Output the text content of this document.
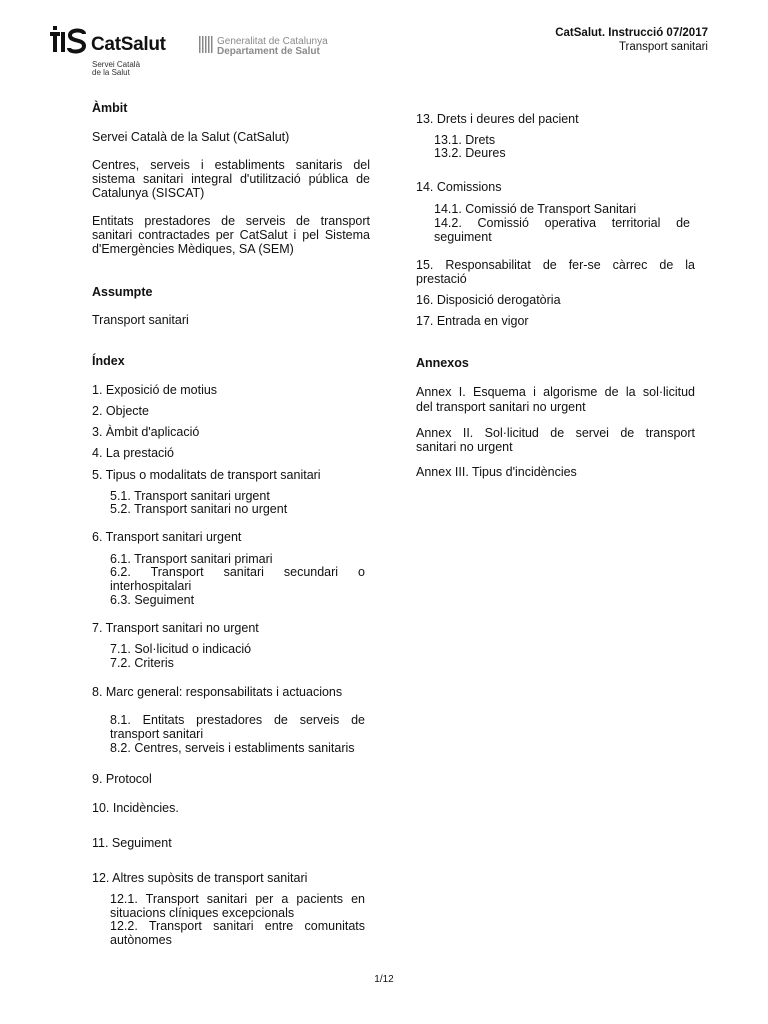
CatSalut	Generalitat de Catalunya
Departament de Salut
Servei Català
de la Salut
CatSalut. Instrucció 07/2017
Transport sanitari
Àmbit
Servei Català de la Salut (CatSalut)
Centres, serveis i establiments sanitaris del
sistema sanitari integral d'utilització pública de
Catalunya (SISCAT)
Entitats prestadores de serveis de transport
sanitari contractades per CatSalut i pel Sistema
d'Emergències Mèdiques, SA (SEM)
Assumpte
Transport sanitari
Índex
1. Exposició de motius
2. Objecte
3. Àmbit d'aplicació
4. La prestació
5. Tipus o modalitats de transport sanitari
5.1. Transport sanitari urgent
5.2. Transport sanitari no urgent
6. Transport sanitari urgent
6.1. Transport sanitari primari
6.2. Transport sanitari secundari o
interhospitalari
6.3. Seguiment
7. Transport sanitari no urgent
7.1. Sol·licitud o indicació
7.2. Criteris
8. Marc general: responsabilitats i actuacions
8.1. Entitats prestadores de serveis de
transport sanitari
8.2. Centres, serveis i establiments sanitaris
9. Protocol
10. Incidències.
11. Seguiment
12. Altres supòsits de transport sanitari
12.1. Transport sanitari per a pacients en
situacions clíniques excepcionals
12.2. Transport sanitari entre comunitats
autònomes
13. Drets i deures del pacient
13.1. Drets
13.2. Deures
14. Comissions
14.1. Comissió de Transport Sanitari
14.2. Comissió operativa territorial de
seguiment
15. Responsabilitat de fer-se càrrec de la
prestació
16. Disposició derogatòria
17. Entrada en vigor
Annexos
Annex I. Esquema i algorisme de la sol·licitud
del transport sanitari no urgent
Annex II. Sol·licitud de servei de transport
sanitari no urgent
Annex III. Tipus d'incidències
1/12
